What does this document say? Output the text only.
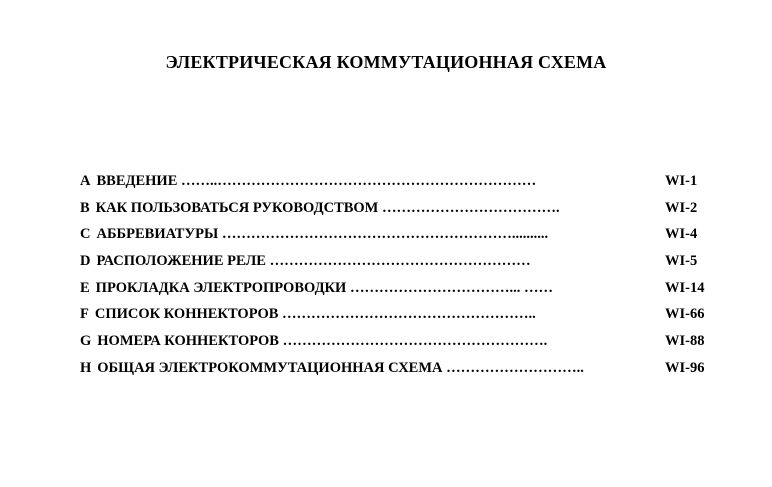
ЭЛЕКТРИЧЕСКАЯ КОММУТАЦИОННАЯ СХЕМА
A ВВЕДЕНИЕ ……..…………………………………………………………	WI-1
B КАК ПОЛЬЗОВАТЬСЯ РУКОВОДСТВОМ ……………………………….	WI-2
C АББРЕВИАТУРЫ ……………………………………………………..........	WI-4
D РАСПОЛОЖЕНИЕ РЕЛЕ ………………………………………………	WI-5
E ПРОКЛАДКА ЭЛЕКТРОПРОВОДКИ ……………………………... ……	WI-14
F СПИСОК КОННЕКТОРОВ ……………………………………………..	WI-66
G НОМЕРА КОННЕКТОРОВ ……………………………………………….	WI-88
H ОБЩАЯ ЭЛЕКТРОКОММУТАЦИОННАЯ СХЕМА ………………………..	WI-96
